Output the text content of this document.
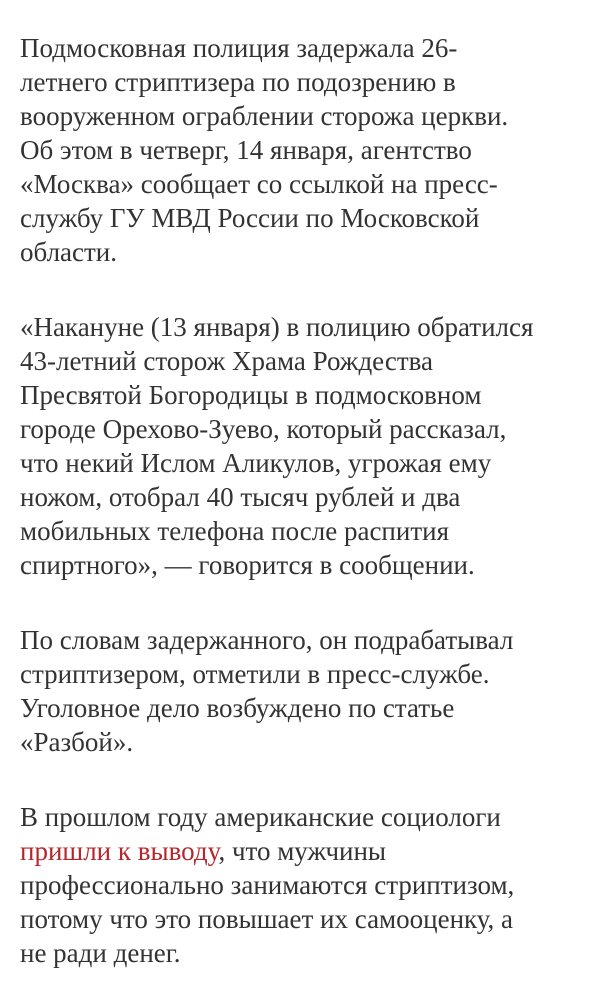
Подмосковная полиция задержала 26-
летнего стриптизера по подозрению в
вооруженном ограблении сторожа церкви.
Об этом в четверг, 14 января, агентство
«Москва» сообщает со ссылкой на пресс-
службу ГУ МВД России по Московской
области.

«Накануне (13 января) в полицию обратился
43-летний сторож Храма Рождества
Пресвятой Богородицы в подмосковном
городе Орехово-Зуево, который рассказал,
что некий Ислом Аликулов, угрожая ему
ножом, отобрал 40 тысяч рублей и два
мобильных телефона после распития
спиртного», — говорится в сообщении.

По словам задержанного, он подрабатывал
стриптизером, отметили в пресс-службе.
Уголовное дело возбуждено по статье
«Разбой».

В прошлом году американские социологи
пришли к выводу, что мужчины
профессионально занимаются стриптизом,
потому что это повышает их самооценку, а
не ради денег.
